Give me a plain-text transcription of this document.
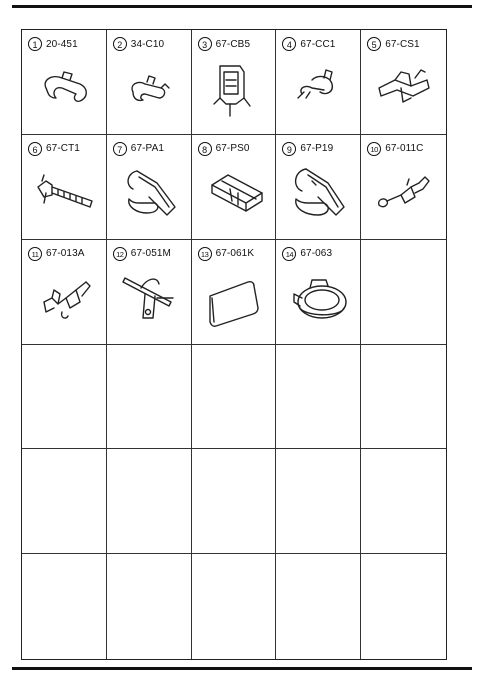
1 20-451	2 34-C10	3 67-CB5	4 67-CC1	5 67-CS1
6 67-CT1	7 67-PA1	8 67-PS0	9 67-P19	10 67-011C
11 67-013A	12 67-051M	13 67-061K	14 67-063
